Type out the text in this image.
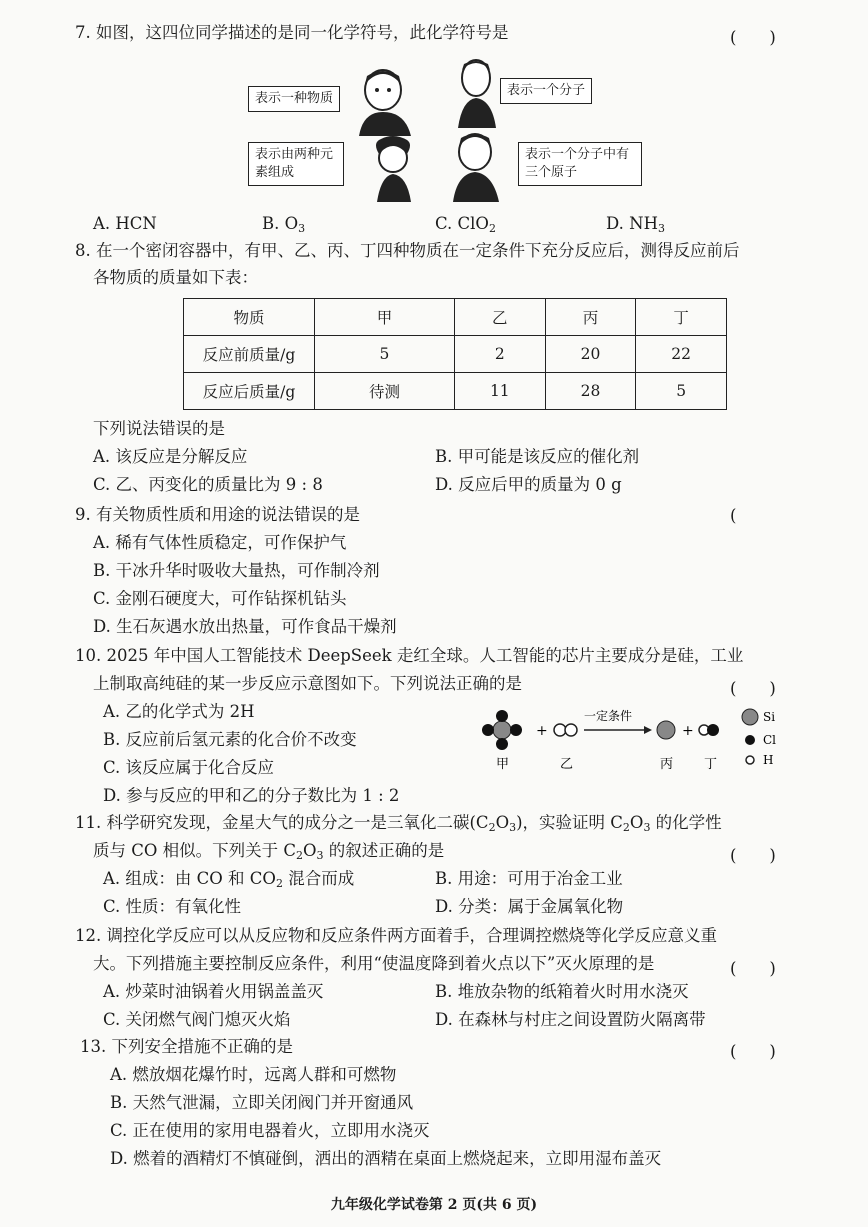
7. 如图，这四位同学描述的是同一化学符号，此化学符号是	(　　)
表示一种物质
表示一个分子
表示由两种元素组成
表示一个分子中有三个原子
A. HCN	B. $O_3$	C. ClO$_2$	D. $NH_3$
8. 在一个密闭容器中，有甲、乙、丙、丁四种物质在一定条件下充分反应后，测得反应前后
各物质的质量如下表：
物质	甲	乙	丙	丁
反应前质量/g	5	2	20	22
反应后质量/g	待测	11	28	5
下列说法错误的是
A. 该反应是分解反应	B. 甲可能是该反应的催化剂
C. 乙、丙变化的质量比为 9 : 8	D. 反应后甲的质量为 0 g
9. 有关物质性质和用途的说法错误的是	(
A. 稀有气体性质稳定，可作保护气
B. 干冰升华时吸收大量热，可作制冷剂
C. 金刚石硬度大，可作钻探机钻头
D. 生石灰遇水放出热量，可作食品干燥剂
10. 2025 年中国人工智能技术 DeepSeek 走红全球。人工智能的芯片主要成分是硅，工业
上制取高纯硅的某一步反应示意图如下。下列说法正确的是	(　　)
A. 乙的化学式为 2H
B. 反应前后氢元素的化合价不改变
C. 该反应属于化合反应
D. 参与反应的甲和乙的分子数比为 1 : 2
+
一定条件
+
甲	乙	丙 丁
Si
Cl
H
11. 科学研究发现，金星大气的成分之一是三氧化二碳$(C_2O_3)$，实验证明 $C_2O_3$ 的化学性
质与 CO 相似。下列关于 $C_2O_3$ 的叙述正确的是	(　　)
A. 组成：由 CO 和 $CO_2$ 混合而成	B. 用途：可用于冶金工业
C. 性质：有氧化性	D. 分类：属于金属氧化物
12. 调控化学反应可以从反应物和反应条件两方面着手，合理调控燃烧等化学反应意义重
大。下列措施主要控制反应条件，利用“使温度降到着火点以下”灭火原理的是	(　　)
A. 炒菜时油锅着火用锅盖盖灭	B. 堆放杂物的纸箱着火时用水浇灭
C. 关闭燃气阀门熄灭火焰	D. 在森林与村庄之间设置防火隔离带
13. 下列安全措施不正确的是	(　　)
A. 燃放烟花爆竹时，远离人群和可燃物
B. 天然气泄漏，立即关闭阀门并开窗通风
C. 正在使用的家用电器着火，立即用水浇灭
D. 燃着的酒精灯不慎碰倒，洒出的酒精在桌面上燃烧起来，立即用湿布盖灭
九年级化学试卷第 2 页(共 6 页)
